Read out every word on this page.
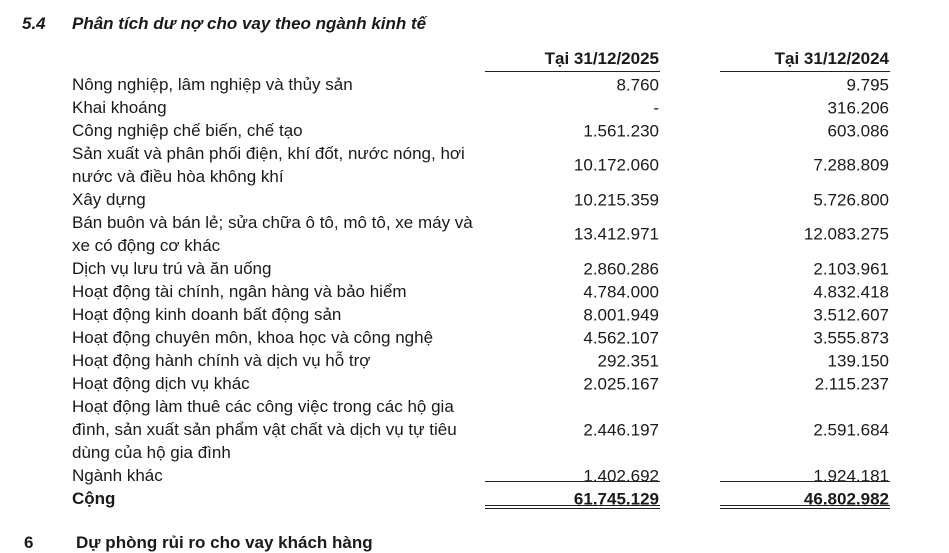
5.4 Phân tích dư nợ cho vay theo ngành kinh tế
Tại 31/12/2025	Tại 31/12/2024
Nông nghiệp, lâm nghiệp và thủy sản	8.760	9.795
Khai khoáng	-	316.206
Công nghiệp chế biến, chế tạo	1.561.230	603.086
Sản xuất và phân phối điện, khí đốt, nước nóng, hơi nước và điều hòa không khí
10.172.060	7.288.809
Xây dựng	10.215.359	5.726.800
Bán buôn và bán lẻ; sửa chữa ô tô, mô tô, xe máy và xe có động cơ khác
13.412.971	12.083.275
Dịch vụ lưu trú và ăn uống	2.860.286	2.103.961
Hoạt động tài chính, ngân hàng và bảo hiểm	4.784.000	4.832.418
Hoạt động kinh doanh bất động sản	8.001.949	3.512.607
Hoạt động chuyên môn, khoa học và công nghệ	4.562.107	3.555.873
Hoạt động hành chính và dịch vụ hỗ trợ	292.351	139.150
Hoạt động dịch vụ khác	2.025.167	2.115.237
Hoạt động làm thuê các công việc trong các hộ gia đình, sản xuất sản phẩm vật chất và dịch vụ tự tiêu dùng của hộ gia đình
2.446.197	2.591.684
Ngành khác	1.402.692	1.924.181
Cộng	61.745.129	46.802.982
6	Dự phòng rủi ro cho vay khách hàng
